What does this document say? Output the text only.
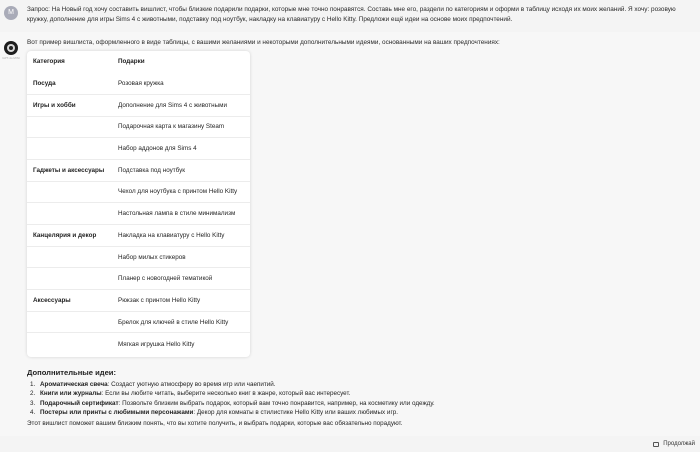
M	Запрос: На Новый год хочу составить вишлист, чтобы близкие подарили подарки, которые мне точно понравятся. Составь мне его, раздели по категориям и оформи в таблицу исходя их моих желаний. Я хочу: розовую кружку, дополнение для игры Sims 4 с животными, подставку под ноутбук, накладку на клавиатуру с Hello Kitty. Предложи ещё идеи на основе моих предпочтений.
GPT-4o MINI
Вот пример вишлиста, оформленного в виде таблицы, с вашими желаниями и некоторыми дополнительными идеями, основанными на ваших предпочтениях:
Категория	Подарки
Посуда	Розовая кружка
Игры и хобби	Дополнение для Sims 4 с животными
	Подарочная карта к магазину Steam
	Набор аддонов для Sims 4
Гаджеты и аксессуары	Подставка под ноутбук
	Чехол для ноутбука с принтом Hello Kitty
	Настольная лампа в стиле минимализм
Канцелярия и декор	Накладка на клавиатуру с Hello Kitty
	Набор милых стикеров
	Планер с новогодней тематикой
Аксессуары	Рюкзак с принтом Hello Kitty
	Брелок для ключей в стиле Hello Kitty
	Мягкая игрушка Hello Kitty
Дополнительные идеи:
1. Ароматическая свеча: Создаст уютную атмосферу во время игр или чаепитий.
2. Книги или журналы: Если вы любите читать, выберите несколько книг в жанре, который вас интересует.
3. Подарочный сертификат: Позвольте близким выбрать подарок, который вам точно понравится, например, на косметику или одежду.
4. Постеры или принты с любимыми персонажами: Декор для комнаты в стилистике Hello Kitty или ваших любимых игр.
Этот вишлист поможет вашим близким понять, что вы хотите получить, и выбрать подарки, которые вас обязательно порадуют.
Продолжай
